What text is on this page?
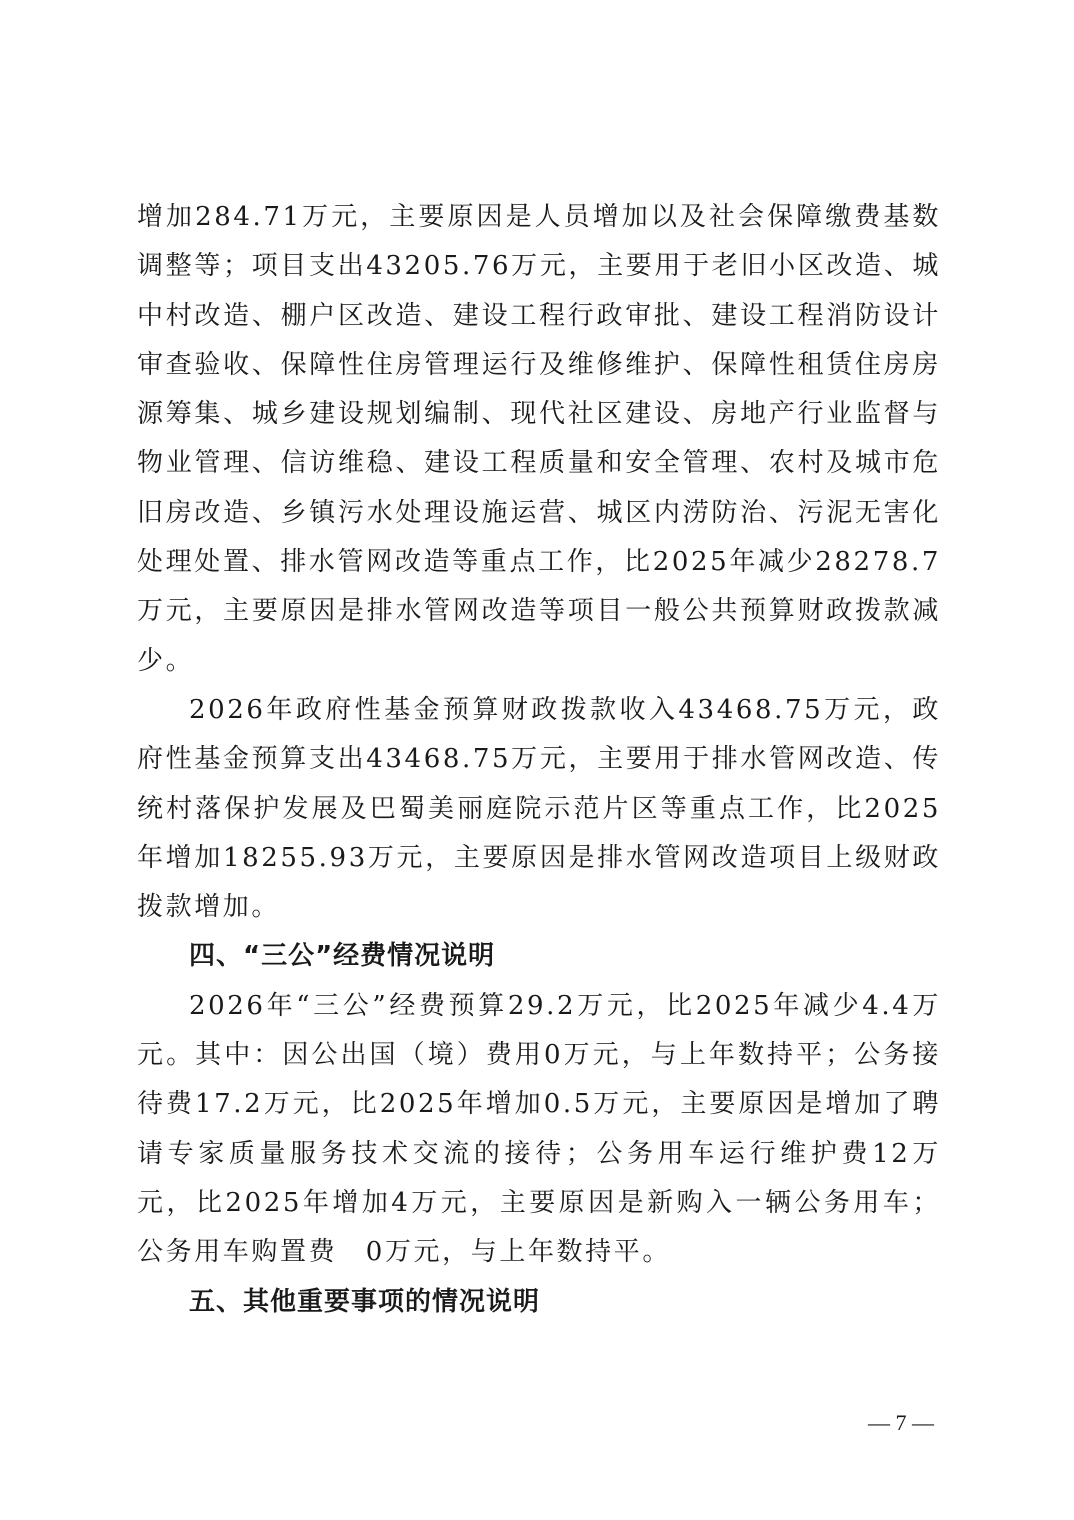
增加284.71万元，主要原因是人员增加以及社会保障缴费基数调整等；项目支出43205.76万元，主要用于老旧小区改造、城中村改造、棚户区改造、建设工程行政审批、建设工程消防设计审查验收、保障性住房管理运行及维修维护、保障性租赁住房房源筹集、城乡建设规划编制、现代社区建设、房地产行业监督与物业管理、信访维稳、建设工程质量和安全管理、农村及城市危旧房改造、乡镇污水处理设施运营、城区内涝防治、污泥无害化处理处置、排水管网改造等重点工作，比2025年减少28278.7万元，主要原因是排水管网改造等项目一般公共预算财政拨款减少。

2026年政府性基金预算财政拨款收入43468.75万元，政府性基金预算支出43468.75万元，主要用于排水管网改造、传统村落保护发展及巴蜀美丽庭院示范片区等重点工作，比2025年增加18255.93万元，主要原因是排水管网改造项目上级财政拨款增加。

四、“三公”经费情况说明

2026年“三公”经费预算29.2万元，比2025年减少4.4万元。其中：因公出国（境）费用0万元，与上年数持平；公务接待费17.2万元，比2025年增加0.5万元，主要原因是增加了聘请专家质量服务技术交流的接待；公务用车运行维护费12万元，比2025年增加4万元，主要原因是新购入一辆公务用车；公务用车购置费　0万元，与上年数持平。

五、其他重要事项的情况说明
— 7 —
